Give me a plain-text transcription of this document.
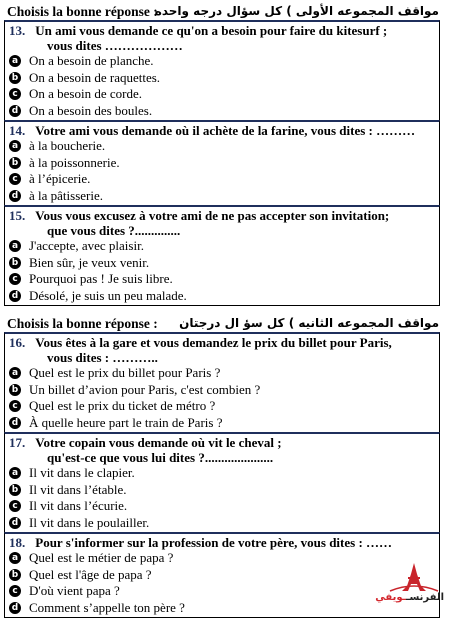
Choisis la bonne réponse :
مواقف المجموعه الأولى ) كل سؤال درجه واحده
13. Un ami vous demande ce qu'on a besoin pour faire du kitesurf ;
vous dites ………………
a On a besoin de planche.
b On a besoin de raquettes.
c On a besoin de corde.
d On a besoin des boules.
14. Votre ami vous demande où il achète de la farine, vous dites : ………
a à la boucherie.
b à la poissonnerie.
c à l’épicerie.
d à la pâtisserie.
15. Vous vous excusez à votre ami de ne pas accepter son invitation;
que vous dites ?..............
a J'accepte, avec plaisir.
b Bien sûr, je veux venir.
c Pourquoi pas ! Je suis libre.
d Désolé, je suis un peu malade.
Choisis la bonne réponse : مواقف المجموعه الثانيه ) كل سؤ ال درجتان
16. Vous êtes à la gare et vous demandez le prix du billet pour Paris,
vous dites : ………..
a Quel est le prix du billet pour Paris ?
b Un billet d’avion pour Paris, c'est combien ?
c Quel est le prix du ticket de métro ?
d À quelle heure part le train de Paris ?
17. Votre copain vous demande où vit le cheval ;
qu'est-ce que vous lui dites ?.....................
a Il vit dans le clapier.
b Il vit dans l’étable.
c Il vit dans l’écurie.
d Il vit dans le poulailler.
18. Pour s'informer sur la profession de votre père, vous dites : ……
a Quel est le métier de papa ?
b Quel est l'âge de papa ?
c D'où vient papa ?
d Comment s’appelle ton père ?
الفرنســويفي
